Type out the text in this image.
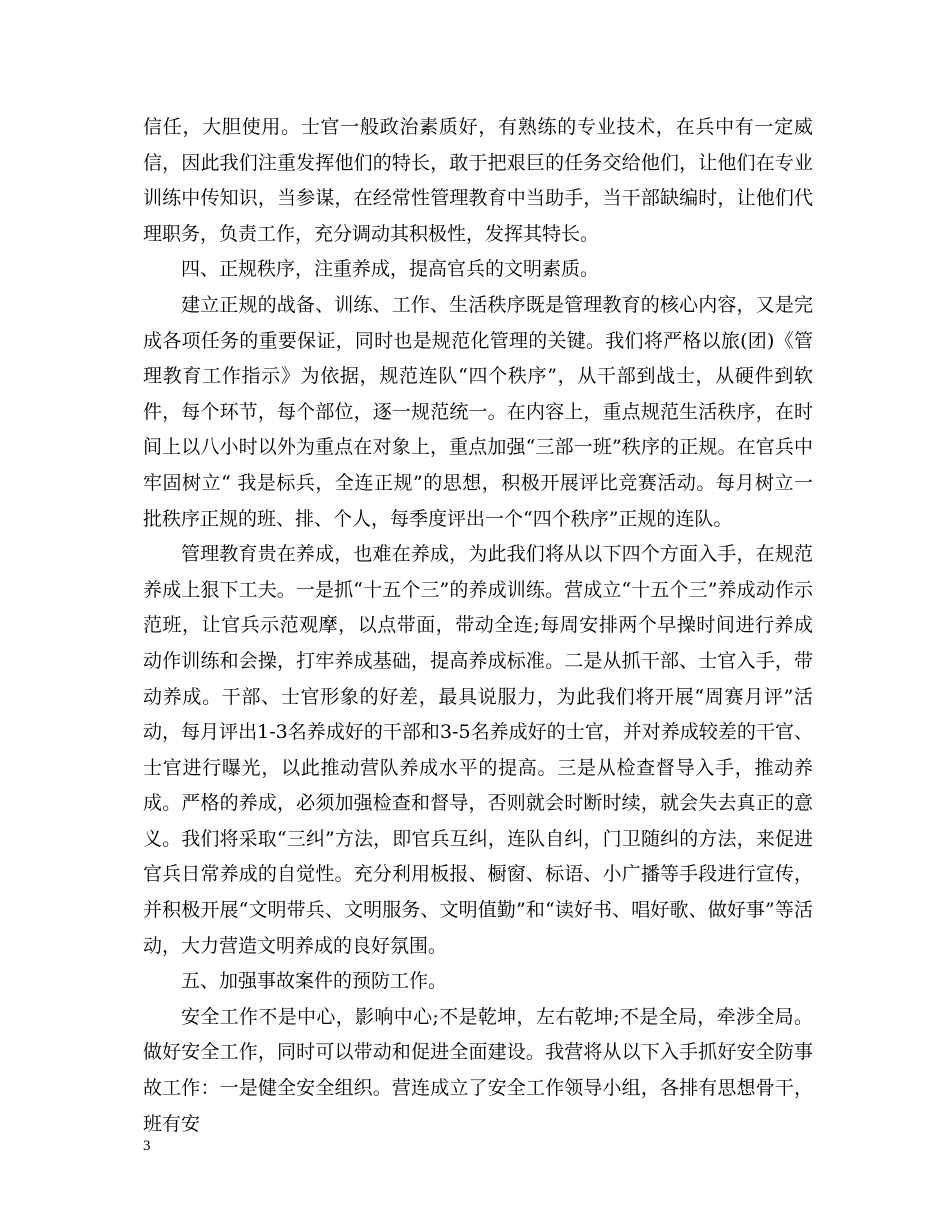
信任，大胆使用。士官一般政治素质好，有熟练的专业技术，在兵中有一定威信，因此我们注重发挥他们的特长，敢于把艰巨的任务交给他们，让他们在专业训练中传知识，当参谋，在经常性管理教育中当助手，当干部缺编时，让他们代理职务，负责工作，充分调动其积极性，发挥其特长。

四、正规秩序，注重养成，提高官兵的文明素质。

建立正规的战备、训练、工作、生活秩序既是管理教育的核心内容，又是完成各项任务的重要保证，同时也是规范化管理的关键。我们将严格以旅(团)《管理教育工作指示》为依据，规范连队“四个秩序”，从干部到战士，从硬件到软件，每个环节，每个部位，逐一规范统一。在内容上，重点规范生活秩序，在时间上以八小时以外为重点在对象上，重点加强“三部一班”秩序的正规。在官兵中牢固树立“ 我是标兵，全连正规”的思想，积极开展评比竞赛活动。每月树立一批秩序正规的班、排、个人，每季度评出一个“四个秩序”正规的连队。

管理教育贵在养成，也难在养成，为此我们将从以下四个方面入手，在规范养成上狠下工夫。一是抓“十五个三”的养成训练。营成立“十五个三”养成动作示范班，让官兵示范观摩，以点带面，带动全连;每周安排两个早操时间进行养成动作训练和会操，打牢养成基础，提高养成标准。二是从抓干部、士官入手，带动养成。干部、士官形象的好差，最具说服力，为此我们将开展“周赛月评”活动，每月评出1-3名养成好的干部和3-5名养成好的士官，并对养成较差的干官、士官进行曝光，以此推动营队养成水平的提高。三是从检查督导入手，推动养成。严格的养成，必须加强检查和督导，否则就会时断时续，就会失去真正的意义。我们将采取“三纠”方法，即官兵互纠，连队自纠，门卫随纠的方法，来促进官兵日常养成的自觉性。充分利用板报、橱窗、标语、小广播等手段进行宣传，并积极开展“文明带兵、文明服务、文明值勤”和“读好书、唱好歌、做好事”等活动，大力营造文明养成的良好氛围。

五、加强事故案件的预防工作。

安全工作不是中心，影响中心;不是乾坤，左右乾坤;不是全局，牵涉全局。做好安全工作，同时可以带动和促进全面建设。我营将从以下入手抓好安全防事故工作：一是健全安全组织。营连成立了安全工作领导小组，各排有思想骨干，班有安

3
